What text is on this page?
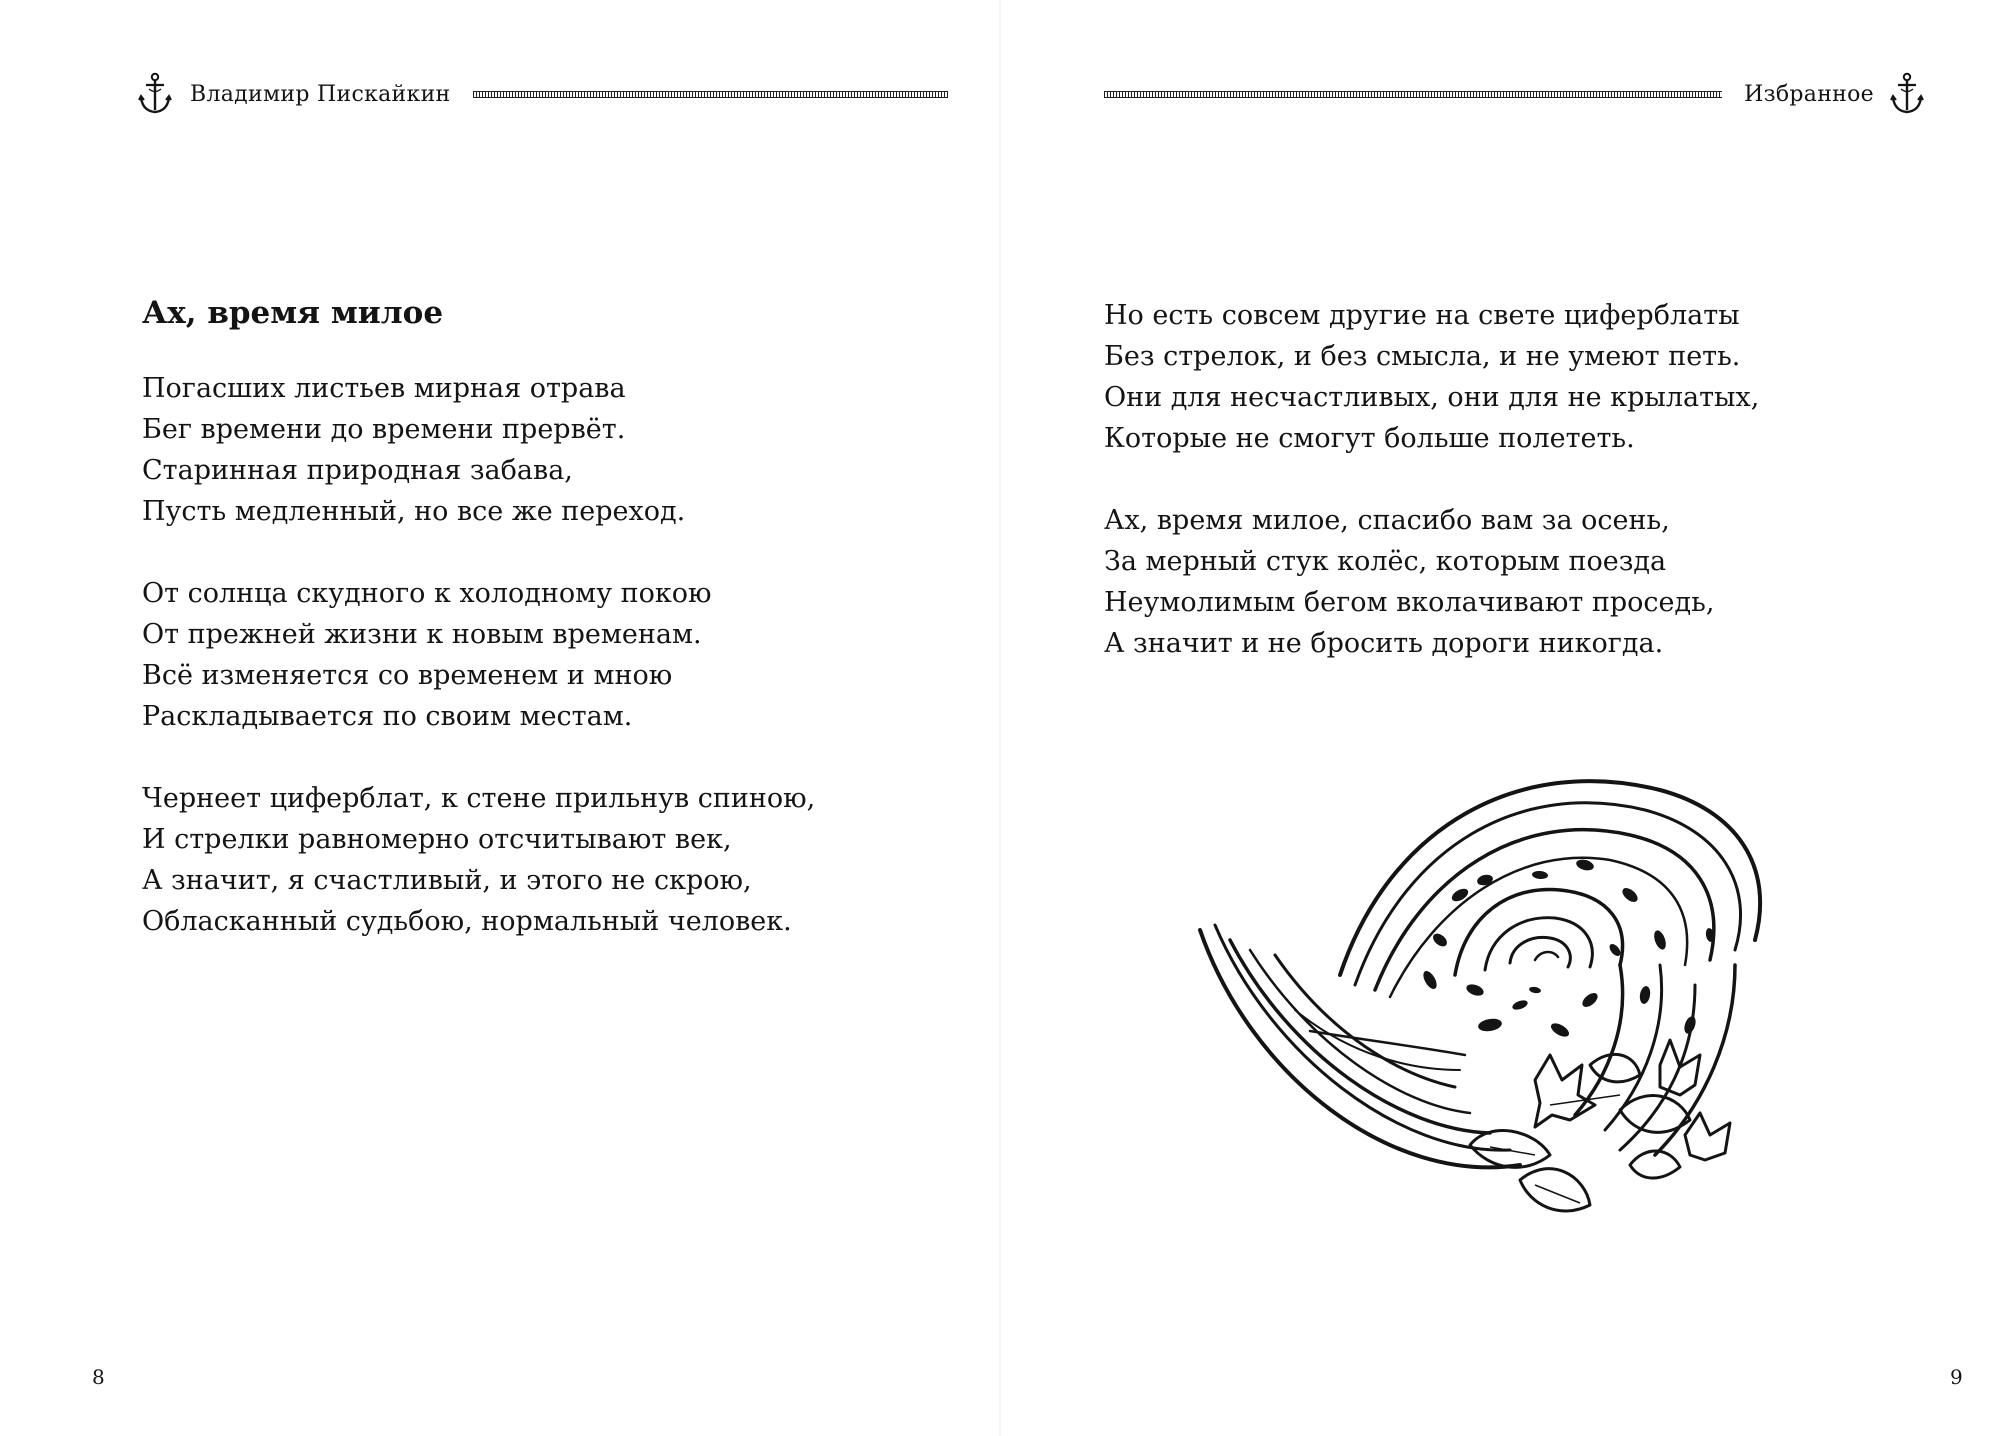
Владимир Пискайкин
Ах, время милое

Погасших листьев мирная отрава
Бег времени до времени прервёт.
Старинная природная забава,
Пусть медленный, но все же переход.

От солнца скудного к холодному покою
От прежней жизни к новым временам.
Всё изменяется со временем и мною
Раскладывается по своим местам.

Чернеет циферблат, к стене прильнув спиною,
И стрелки равномерно отсчитывают век,
А значит, я счастливый, и этого не скрою,
Обласканный судьбою, нормальный человек.

8
Избранное

Но есть совсем другие на свете циферблаты
Без стрелок, и без смысла, и не умеют петь.
Они для несчастливых, они для не крылатых,
Которые не смогут больше полететь.

Ах, время милое, спасибо вам за осень,
За мерный стук колёс, которым поезда
Неумолимым бегом вколачивают проседь,
А значит и не бросить дороги никогда.

9
